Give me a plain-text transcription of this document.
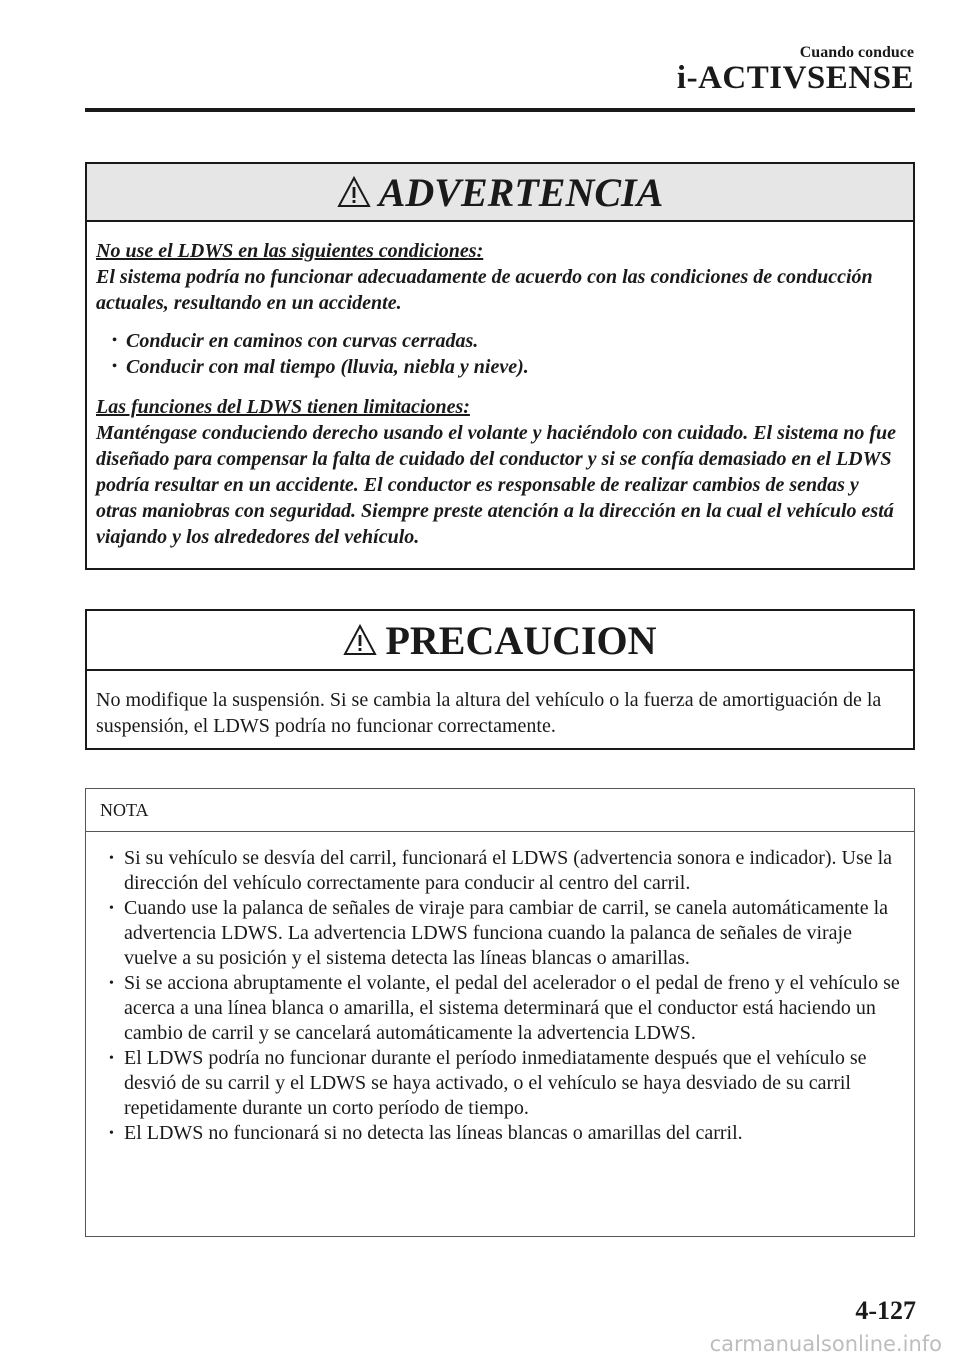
Cuando conduce
i-ACTIVSENSE
ADVERTENCIA
No use el LDWS en las siguientes condiciones:
El sistema podría no funcionar adecuadamente de acuerdo con las condiciones de conducción actuales, resultando en un accidente.
• Conducir en caminos con curvas cerradas.
• Conducir con mal tiempo (lluvia, niebla y nieve).
Las funciones del LDWS tienen limitaciones:
Manténgase conduciendo derecho usando el volante y haciéndolo con cuidado. El sistema no fue diseñado para compensar la falta de cuidado del conductor y si se confía demasiado en el LDWS podría resultar en un accidente. El conductor es responsable de realizar cambios de sendas y otras maniobras con seguridad. Siempre preste atención a la dirección en la cual el vehículo está viajando y los alrededores del vehículo.
PRECAUCION
No modifique la suspensión. Si se cambia la altura del vehículo o la fuerza de amortiguación de la suspensión, el LDWS podría no funcionar correctamente.
NOTA
• Si su vehículo se desvía del carril, funcionará el LDWS (advertencia sonora e indicador). Use la dirección del vehículo correctamente para conducir al centro del carril.
• Cuando use la palanca de señales de viraje para cambiar de carril, se canela automáticamente la advertencia LDWS. La advertencia LDWS funciona cuando la palanca de señales de viraje vuelve a su posición y el sistema detecta las líneas blancas o amarillas.
• Si se acciona abruptamente el volante, el pedal del acelerador o el pedal de freno y el vehículo se acerca a una línea blanca o amarilla, el sistema determinará que el conductor está haciendo un cambio de carril y se cancelará automáticamente la advertencia LDWS.
• El LDWS podría no funcionar durante el período inmediatamente después que el vehículo se desvió de su carril y el LDWS se haya activado, o el vehículo se haya desviado de su carril repetidamente durante un corto período de tiempo.
• El LDWS no funcionará si no detecta las líneas blancas o amarillas del carril.
4-127
carmanualsonline.info
